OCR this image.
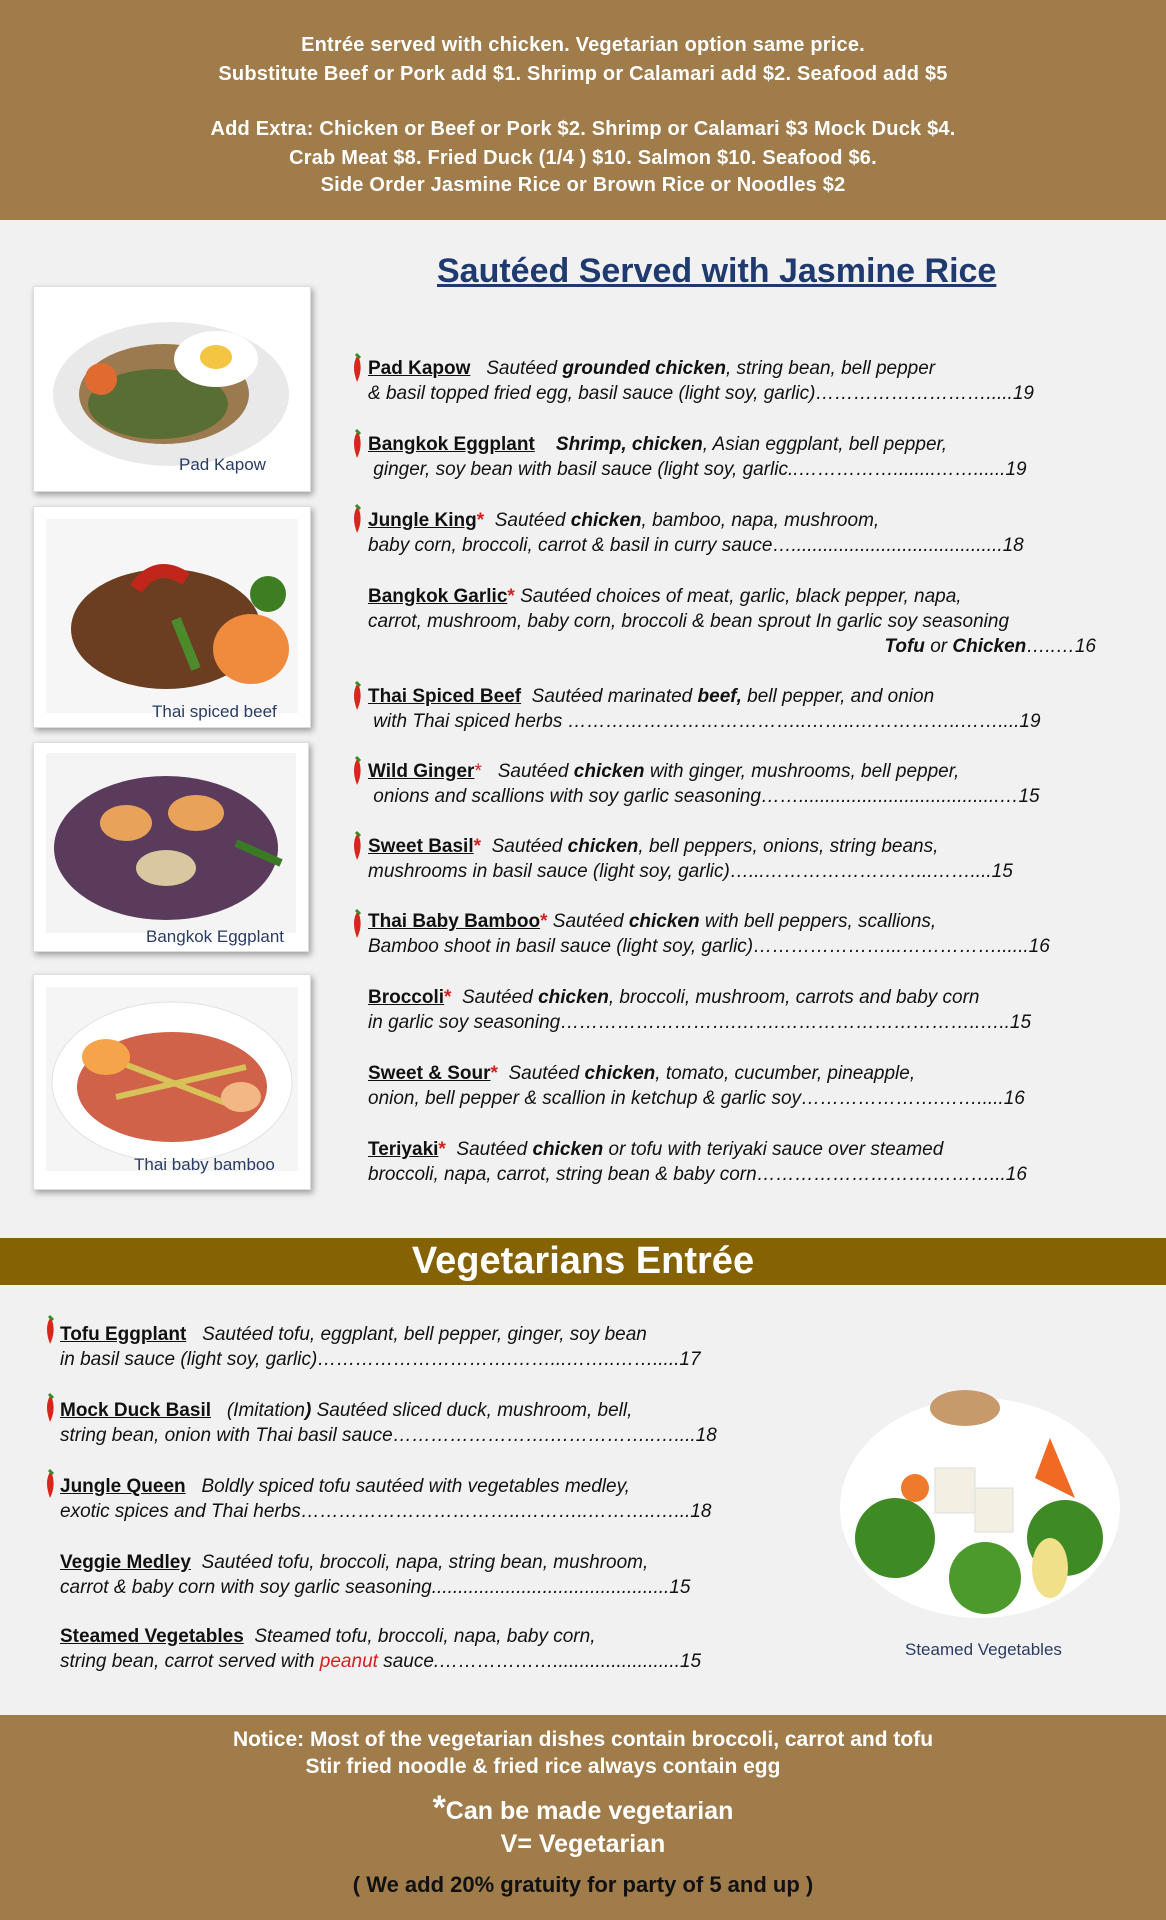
Entrée served with chicken. Vegetarian option same price.
Substitute Beef or Pork add $1. Shrimp or Calamari add $2. Seafood add $5
Add Extra: Chicken or Beef or Pork $2. Shrimp or Calamari $3 Mock Duck $4.
Crab Meat $8. Fried Duck (1/4 ) $10. Salmon $10. Seafood $6.
Side Order Jasmine Rice or Brown Rice or Noodles $2
Sautéed Served with Jasmine Rice
Pad Kapow
Thai spiced beef
Bangkok Eggplant
Thai baby bamboo
Pad Kapow Sautéed grounded chicken, string bean, bell pepper
& basil topped fried egg, basil sauce (light soy, garlic)……………………….....19
Bangkok Eggplant Shrimp, chicken, Asian eggplant, bell pepper,
ginger, soy bean with basil sauce (light soy, garlic..……………........……......19
Jungle King* Sautéed chicken, bamboo, napa, mushroom,
baby corn, broccoli, carrot & basil in curry sauce…........................................18
Bangkok Garlic* Sautéed choices of meat, garlic, black pepper, napa,
carrot, mushroom, baby corn, broccoli & bean sprout In garlic soy seasoning

Tofu or Chicken…..…16
Thai Spiced Beef Sautéed marinated beef, bell pepper, and onion
with Thai spiced herbs ………………………………..……..……………..……....19
Wild Ginger* Sautéed chicken with ginger, mushrooms, bell pepper,
onions and scallions with soy garlic seasoning……......................................…15
Sweet Basil* Sautéed chicken, bell peppers, onions, string beans,
mushrooms in basil sauce (light soy, garlic)…...……………………...……....15
Thai Baby Bamboo* Sautéed chicken with bell peppers, scallions,
Bamboo shoot in basil sauce (light soy, garlic)…………………...……………......16
Broccoli* Sautéed chicken, broccoli, mushroom, carrots and baby corn
in garlic soy seasoning……………………….…….…………………………..…..15
Sweet & Sour* Sautéed chicken, tomato, cucumber, pineapple,
onion, bell pepper & scallion in ketchup & garlic soy………………….…….....16
Teriyaki* Sautéed chicken or tofu with teriyaki sauce over steamed
broccoli, napa, carrot, string bean & baby corn……………………….………...16
Vegetarians Entrée
Tofu Eggplant Sautéed tofu, eggplant, bell pepper, ginger, soy bean
in basil sauce (light soy, garlic)………………………….……...……..…….....17
Mock Duck Basil (Imitation) Sautéed sliced duck, mushroom, bell,
string bean, onion with Thai basil sauce…………………….……………..…....18
Jungle Queen Boldly spiced tofu sautéed with vegetables medley,
exotic spices and Thai herbs……………………………..………..………..…...18
Veggie Medley Sautéed tofu, broccoli, napa, string bean, mushroom,
carrot & baby corn with soy garlic seasoning.............................................15
Steamed Vegetables Steamed tofu, broccoli, napa, baby corn,
string bean, carrot served with peanut sauce.………………........................15
Steamed Vegetables
Notice: Most of the vegetarian dishes contain broccoli, carrot and tofu
Stir fried noodle & fried rice always contain egg
*Can be made vegetarian
V= Vegetarian
( We add 20% gratuity for party of 5 and up )
